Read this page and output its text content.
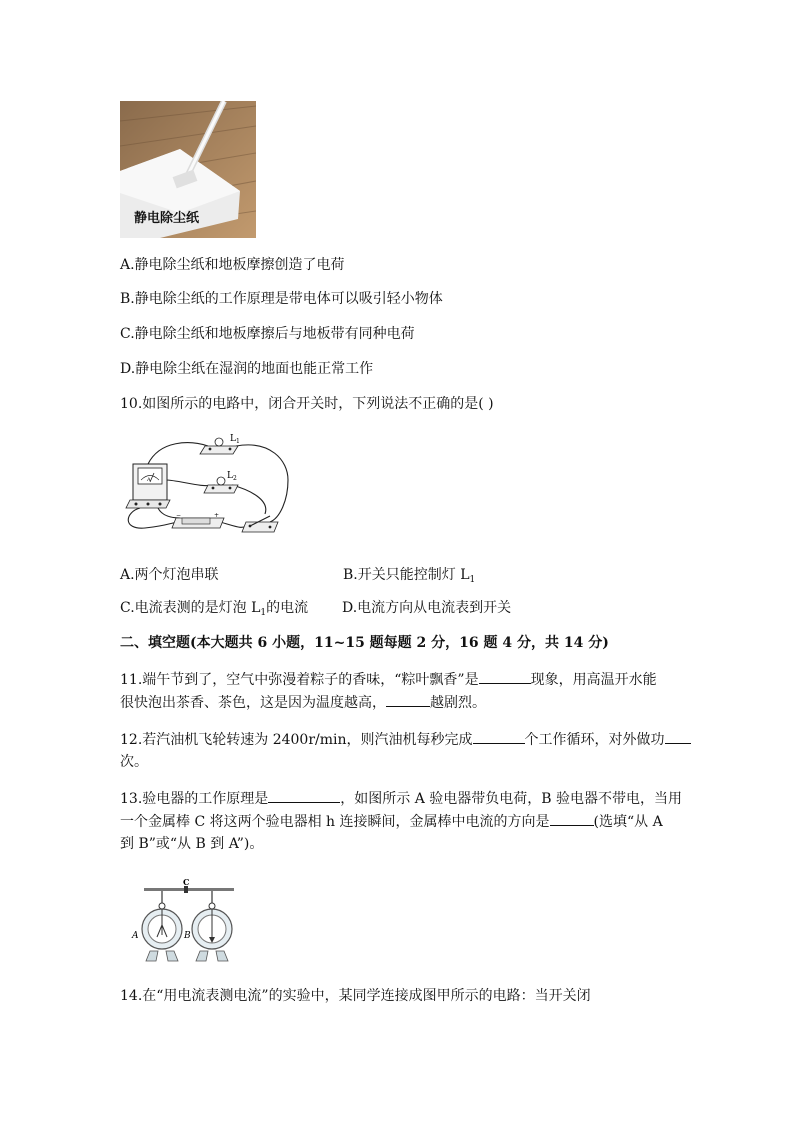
静电除尘纸
A.静电除尘纸和地板摩擦创造了电荷
B.静电除尘纸的工作原理是带电体可以吸引轻小物体
C.静电除尘纸和地板摩擦后与地板带有同种电荷
D.静电除尘纸在湿润的地面也能正常工作
10.如图所示的电路中，闭合开关时，下列说法不正确的是( )
A
$L_1$
$L_2$
−	+
A.两个灯泡串联	B.开关只能控制灯 $L_1$
C.电流表测的是灯泡 $L_1$的电流 D.电流方向从电流表到开关
二、填空题(本大题共 6 小题，11~15 题每题 2 分，16 题 4 分，共 14 分)
11.端午节到了，空气中弥漫着粽子的香味，“粽叶飘香”是	现象，用高温开水能
很快泡出茶香、茶色，这是因为温度越高，	越剧烈。
12.若汽油机飞轮转速为 2400r/min，则汽油机每秒完成	个工作循环，对外做功
次。
13.验电器的工作原理是	，如图所示 A 验电器带负电荷，B 验电器不带电，当用
一个金属棒 C 将这两个验电器相 h 连接瞬间，金属棒中电流的方向是	(选填“从 A
到 B”或“从 B 到 A”)。
C
A	B
14.在“用电流表测电流”的实验中，某同学连接成图甲所示的电路：当开关闭
